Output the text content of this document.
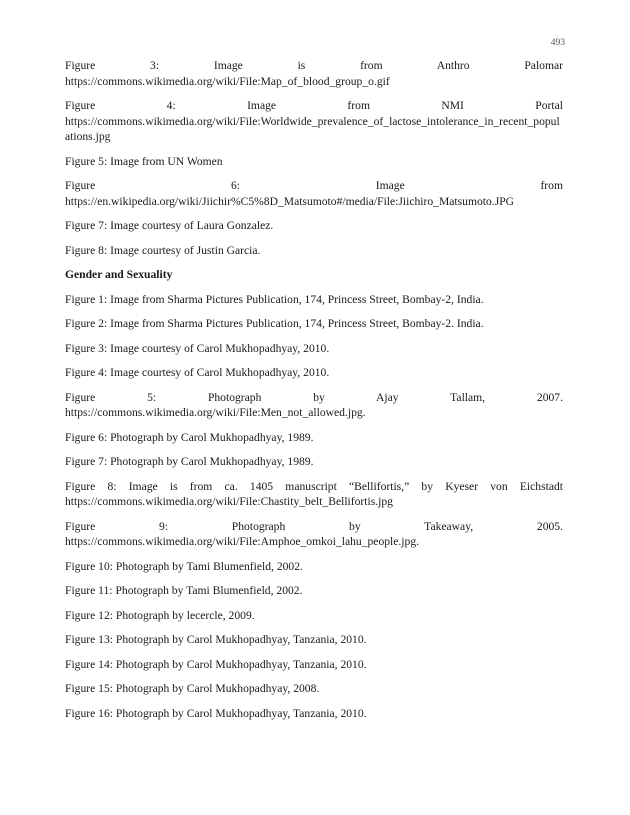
493

Figure 3: Image is from Anthro Palomar https://commons.wikimedia.org/wiki/File:Map_of_blood_group_o.gif

Figure 4: Image from NMI Portal https://commons.wikimedia.org/wiki/File:Worldwide_prevalence_of_lactose_intolerance_in_recent_populations.jpg

Figure 5: Image from UN Women

Figure 6: Image from https://en.wikipedia.org/wiki/Jiichir%C5%8D_Matsumoto#/media/File:Jiichiro_Matsumoto.JPG

Figure 7: Image courtesy of Laura Gonzalez.

Figure 8: Image courtesy of Justin Garcia.

Gender and Sexuality

Figure 1: Image from Sharma Pictures Publication, 174, Princess Street, Bombay-2, India.

Figure 2: Image from Sharma Pictures Publication, 174, Princess Street, Bombay-2. India.

Figure 3: Image courtesy of Carol Mukhopadhyay, 2010.

Figure 4: Image courtesy of Carol Mukhopadhyay, 2010.

Figure 5: Photograph by Ajay Tallam, 2007. https://commons.wikimedia.org/wiki/File:Men_not_allowed.jpg.

Figure 6: Photograph by Carol Mukhopadhyay, 1989.

Figure 7: Photograph by Carol Mukhopadhyay, 1989.

Figure 8: Image is from ca. 1405 manuscript “Bellifortis,” by Kyeser von Eichstadt https://commons.wikimedia.org/wiki/File:Chastity_belt_Bellifortis.jpg

Figure 9: Photograph by Takeaway, 2005. https://commons.wikimedia.org/wiki/File:Amphoe_omkoi_lahu_people.jpg.

Figure 10: Photograph by Tami Blumenfield, 2002.

Figure 11: Photograph by Tami Blumenfield, 2002.

Figure 12: Photograph by lecercle, 2009.

Figure 13: Photograph by Carol Mukhopadhyay, Tanzania, 2010.

Figure 14: Photograph by Carol Mukhopadhyay, Tanzania, 2010.

Figure 15: Photograph by Carol Mukhopadhyay, 2008.

Figure 16: Photograph by Carol Mukhopadhyay, Tanzania, 2010.
